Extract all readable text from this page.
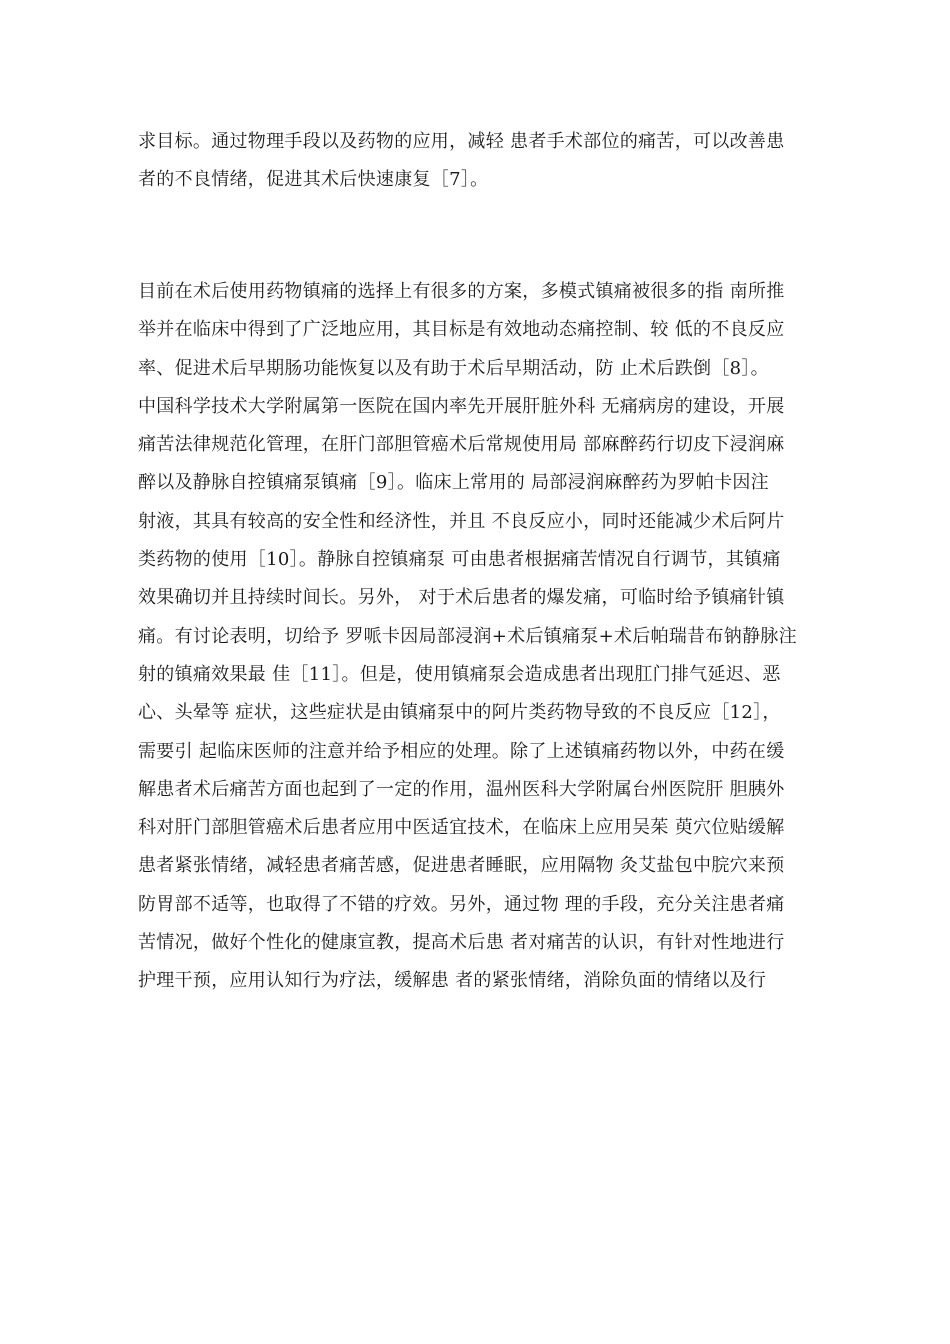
求目标。通过物理手段以及药物的应用，减轻 患者手术部位的痛苦，可以改善患
者的不良情绪，促进其术后快速康复［7］。
目前在术后使用药物镇痛的选择上有很多的方案，多模式镇痛被很多的指 南所推
举并在临床中得到了广泛地应用，其目标是有效地动态痛控制、较 低的不良反应
率、促进术后早期肠功能恢复以及有助于术后早期活动，防 止术后跌倒［8］。
中国科学技术大学附属第一医院在国内率先开展肝脏外科 无痛病房的建设，开展
痛苦法律规范化管理，在肝门部胆管癌术后常规使用局 部麻醉药行切皮下浸润麻
醉以及静脉自控镇痛泵镇痛［9］。临床上常用的 局部浸润麻醉药为罗帕卡因注
射液，其具有较高的安全性和经济性，并且 不良反应小，同时还能减少术后阿片
类药物的使用［10］。静脉自控镇痛泵 可由患者根据痛苦情况自行调节，其镇痛
效果确切并且持续时间长。另外， 对于术后患者的爆发痛，可临时给予镇痛针镇
痛。有讨论表明，切给予 罗哌卡因局部浸润+术后镇痛泵+术后帕瑞昔布钠静脉注
射的镇痛效果最 佳［11］。但是，使用镇痛泵会造成患者出现肛门排气延迟、恶
心、头晕等 症状，这些症状是由镇痛泵中的阿片类药物导致的不良反应［12］，
需要引 起临床医师的注意并给予相应的处理。除了上述镇痛药物以外，中药在缓
解患者术后痛苦方面也起到了一定的作用，温州医科大学附属台州医院肝 胆胰外
科对肝门部胆管癌术后患者应用中医适宜技术，在临床上应用吴茱 萸穴位贴缓解
患者紧张情绪，减轻患者痛苦感，促进患者睡眠，应用隔物 灸艾盐包中脘穴来预
防胃部不适等，也取得了不错的疗效。另外，通过物 理的手段，充分关注患者痛
苦情况，做好个性化的健康宣教，提高术后患 者对痛苦的认识，有针对性地进行
护理干预，应用认知行为疗法，缓解患 者的紧张情绪，消除负面的情绪以及行
